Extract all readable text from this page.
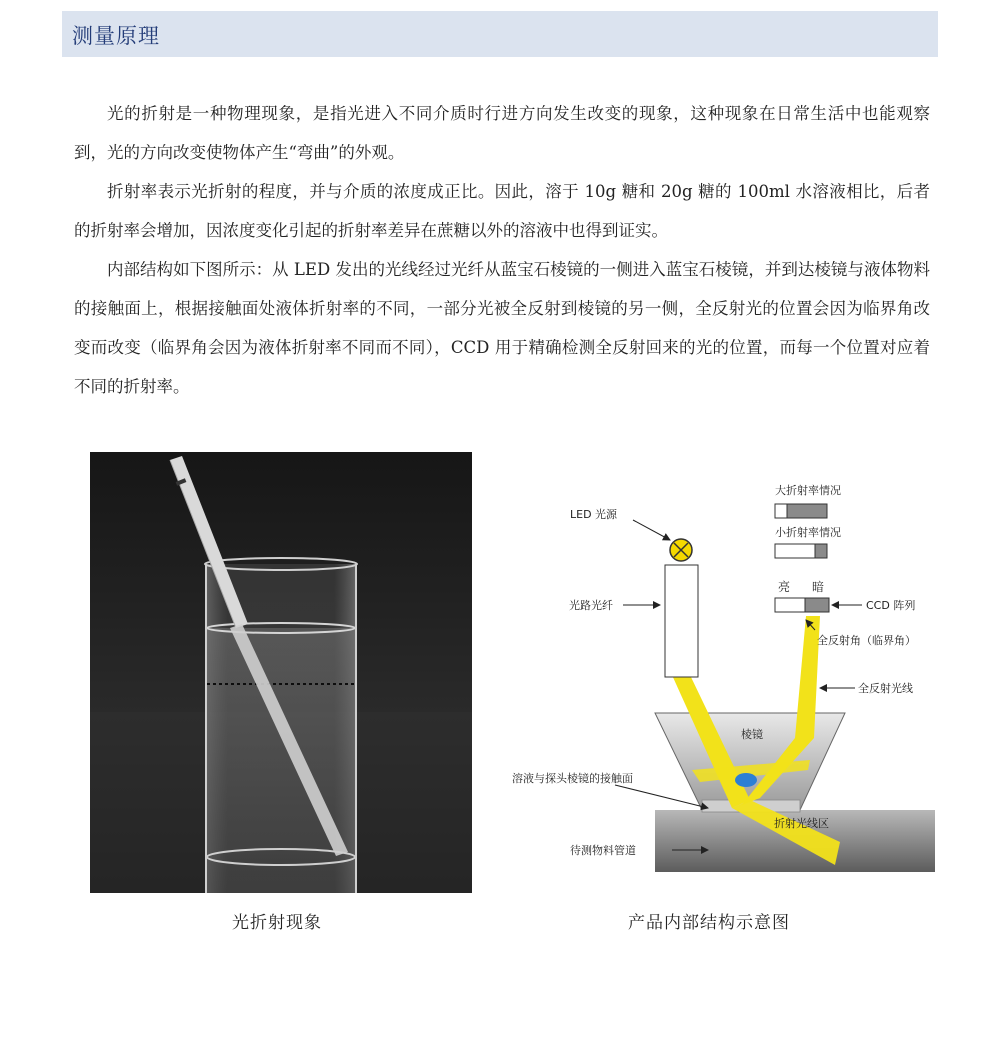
测量原理

光的折射是一种物理现象，是指光进入不同介质时行进方向发生改变的现象，这种现象在日常生活中也能观察到，光的方向改变使物体产生“弯曲”的外观。

折射率表示光折射的程度，并与介质的浓度成正比。因此，溶于 10g 糖和 20g 糖的 100ml 水溶液相比，后者的折射率会增加，因浓度变化引起的折射率差异在蔗糖以外的溶液中也得到证实。

内部结构如下图所示：从 LED 发出的光线经过光纤从蓝宝石棱镜的一侧进入蓝宝石棱镜，并到达棱镜与液体物料的接触面上，根据接触面处液体折射率的不同，一部分光被全反射到棱镜的另一侧，全反射光的位置会因为临界角改变而改变（临界角会因为液体折射率不同而不同），CCD 用于精确检测全反射回来的光的位置，而每一个位置对应着不同的折射率。

LED 光源
光路光纤
大折射率情况
小折射率情况
亮 暗
CCD 阵列
全反射角（临界角）
全反射光线
棱镜
溶液与探头棱镜的接触面
折射光线区
待测物料管道
光折射现象	产品内部结构示意图
